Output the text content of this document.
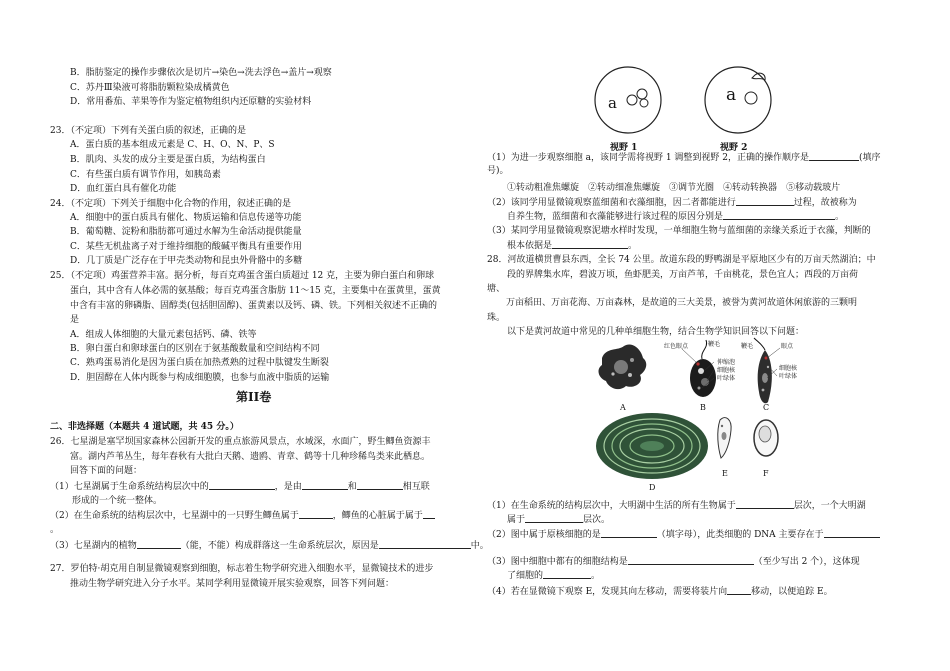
B．脂肪鉴定的操作步骤依次是切片→染色→洗去浮色→盖片→观察
C．苏丹Ⅲ染液可将脂肪颗粒染成橘黄色
D．常用番茄、苹果等作为鉴定植物组织内还原糖的实验材料
23．（不定项）下列有关蛋白质的叙述，正确的是
A．蛋白质的基本组成元素是 C、H、O、N、P、S
B．肌肉、头发的成分主要是蛋白质，为结构蛋白
C．有些蛋白质有调节作用，如胰岛素
D．血红蛋白具有催化功能
24．（不定项）下列关于细胞中化合物的作用，叙述正确的是
A．细胞中的蛋白质具有催化、物质运输和信息传递等功能
B．葡萄糖、淀粉和脂肪都可通过水解为生命活动提供能量
C．某些无机盐离子对于维持细胞的酸碱平衡具有重要作用
D．几丁质是广泛存在于甲壳类动物和昆虫外骨骼中的多糖
25．（不定项）鸡蛋营养丰富。据分析，每百克鸡蛋含蛋白质超过 12 克，主要为卵白蛋白和卵球
蛋白，其中含有人体必需的氨基酸；每百克鸡蛋含脂肪 11～15 克，主要集中在蛋黄里，蛋黄
中含有丰富的卵磷脂、固醇类(包括胆固醇)、蛋黄素以及钙、磷、铁。下列相关叙述不正确的
是
A．组成人体细胞的大量元素包括钙、磷、铁等
B．卵白蛋白和卵球蛋白的区别在于氨基酸数量和空间结构不同
C．熟鸡蛋易消化是因为蛋白质在加热煮熟的过程中肽键发生断裂
D．胆固醇在人体内既参与构成细胞膜，也参与血液中脂质的运输
第II卷
二、非选择题（本题共 4 道试题，共 45 分。）
26．七星湖是塞罕坝国家森林公园新开发的重点旅游风景点，水域深，水面广，野生鲫鱼资源丰
富。湖内芦苇丛生，每年春秋有大批白天鹅、遗鸥、青章、鹤等十几种珍稀鸟类来此栖息。
回答下面的问题：
（1）七星湖属于生命系统结构层次中的	，是由	和	相互联
形成的一个统一整体。
（2）在生命系统的结构层次中，七星湖中的一只野生鲫鱼属于	，鲫鱼的心脏属于属于
。
（3）七星湖内的植物	（能，不能）构成群落这一生命系统层次，原因是	中。
27．罗伯特·胡克用自制显微镜观察到细胞，标志着生物学研究进入细胞水平，显微镜技术的进步
推动生物学研究进入分子水平。某同学利用显微镜开展实验观察，回答下列问题：
a
视野 1
a
视野 2
（1）为进一步观察细胞 a，该同学需将视野 1 调整到视野 2，正确的操作顺序是	(填序
号)。
①转动粗准焦螺旋 ②转动细准焦螺旋 ③调节光圈 ④转动转换器 ⑤移动载玻片
（2）该同学用显微镜观察蓝细菌和衣藻细胞，因二者都能进行	过程，故被称为
自养生物，蓝细菌和衣藻能够进行该过程的原因分别是	。
（3）某同学用显微镜观察泥塘水样时发现，一单细胞生物与蓝细菌的亲缘关系近于衣藻，判断的
根本依据是	。
28．河故道横贯曹县东西，全长 74 公里。故道东段的野鸭湖是平原地区少有的万亩天然湖泊；中
段的界牌集水库，碧波万顷，鱼虾肥美，万亩芦苇，千亩桃花，景色宜人；西段的万亩荷
塘、
万亩稻田、万亩花海、万亩森林，是故道的三大美景，被誉为黄河故道休闲旅游的三颗明
珠。
以下是黄河故道中常见的几种单细胞生物，结合生物学知识回答以下问题：
A
红色眼点	鞭毛
伸缩泡
细胞核
叶绿体
B
鞭毛	眼点
细胞核
叶绿体
C
D
E	F
（1）在生命系统的结构层次中，大明湖中生活的所有生物属于	层次，一个大明湖
属于	层次。
（2）图中属于原核细胞的是	（填字母），此类细胞的 DNA 主要存在于
（3）图中细胞中都有的细胞结构是	（至少写出 2 个），这体现
了细胞的	。
（4）若在显微镜下观察 E，发现其向左移动，需要将装片向	移动，以便追踪 E。
